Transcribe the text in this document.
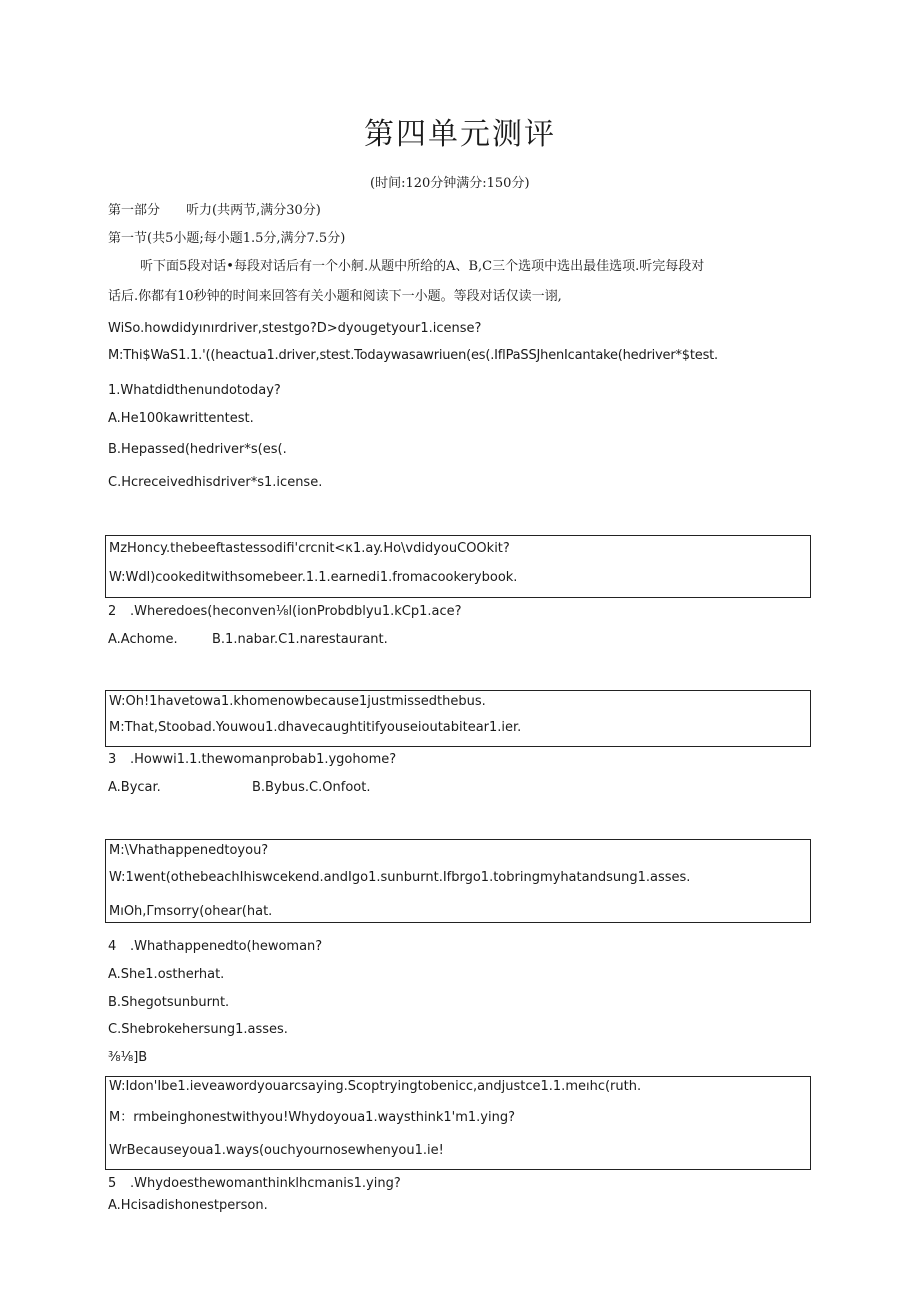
第四单元测评
(时间:120分钟满分:150分)
第一部分　　听力(共两节,满分30分)
第一节(共5小题;每小题1.5分,满分7.5分)
听下面5段对话•每段对话后有一个小舸.从题中所给的A、B,C三个选项中选出最佳选项.听完每段对
话后.你都有10秒钟的时间来回答有关小题和阅读下一小题。等段对话仅读一诩,
WiSo.howdidyınırdriver,stestgo?D>dyougetyour1.icense?
M:Thi$WaS1.1.'((heactua1.driver,stest.Todaywasawriuen(es(.IflPaSSJhenIcantake(hedriver*$test.
1.Whatdidthenundotoday?
A.He100kawrittentest.
B.Hepassed(hedriver*s(es(.
C.Hcreceivedhisdriver*s1.icense.
MzHoncy.thebeeftastessodifi'crcnit<κ1.ay.Ho\vdidyouCOOkit?
W:Wdl)cookeditwithsomebeer.1.1.earnedi1.fromacookerybook.
2 .Wheredoes(heconven⅛l(ionProbdblyu1.kCp1.ace?
A.Achome.	B.1.nabar.C1.narestaurant.
W:Oh!1havetowa1.khomenowbecause1justmissedthebus.
M:That,Stoobad.Youwou1.dhavecaughtitifyouseioutabitear1.ier.
3 .Howwi1.1.thewomanprobab1.ygohome?
A.Bycar.	B.Bybus.C.Onfoot.
M:\Vhathappenedtoyou?
W:1went(othebeachIhiswcekend.andIgo1.sunburnt.Ifbrgo1.tobringmyhatandsung1.asses.
MıOh,Γmsorry(ohear(hat.
4 .Whathappenedto(hewoman?
A.She1.ostherhat.
B.Shegotsunburnt.
C.Shebrokehersung1.asses.
⅜⅛]B
W:Idon'Ibe1.ieveawordyouarcsaying.Scoptryingtobenicc,andjustce1.1.meıhc(ruth.
M：rmbeinghonestwithyou!Whydoyoua1.waysthink1'm1.ying?
WrBecauseyoua1.ways(ouchyournosewhenyou1.ie!
5 .Whydoesthewomanthinklhcmanis1.ying?
A.Hcisadishonestperson.
